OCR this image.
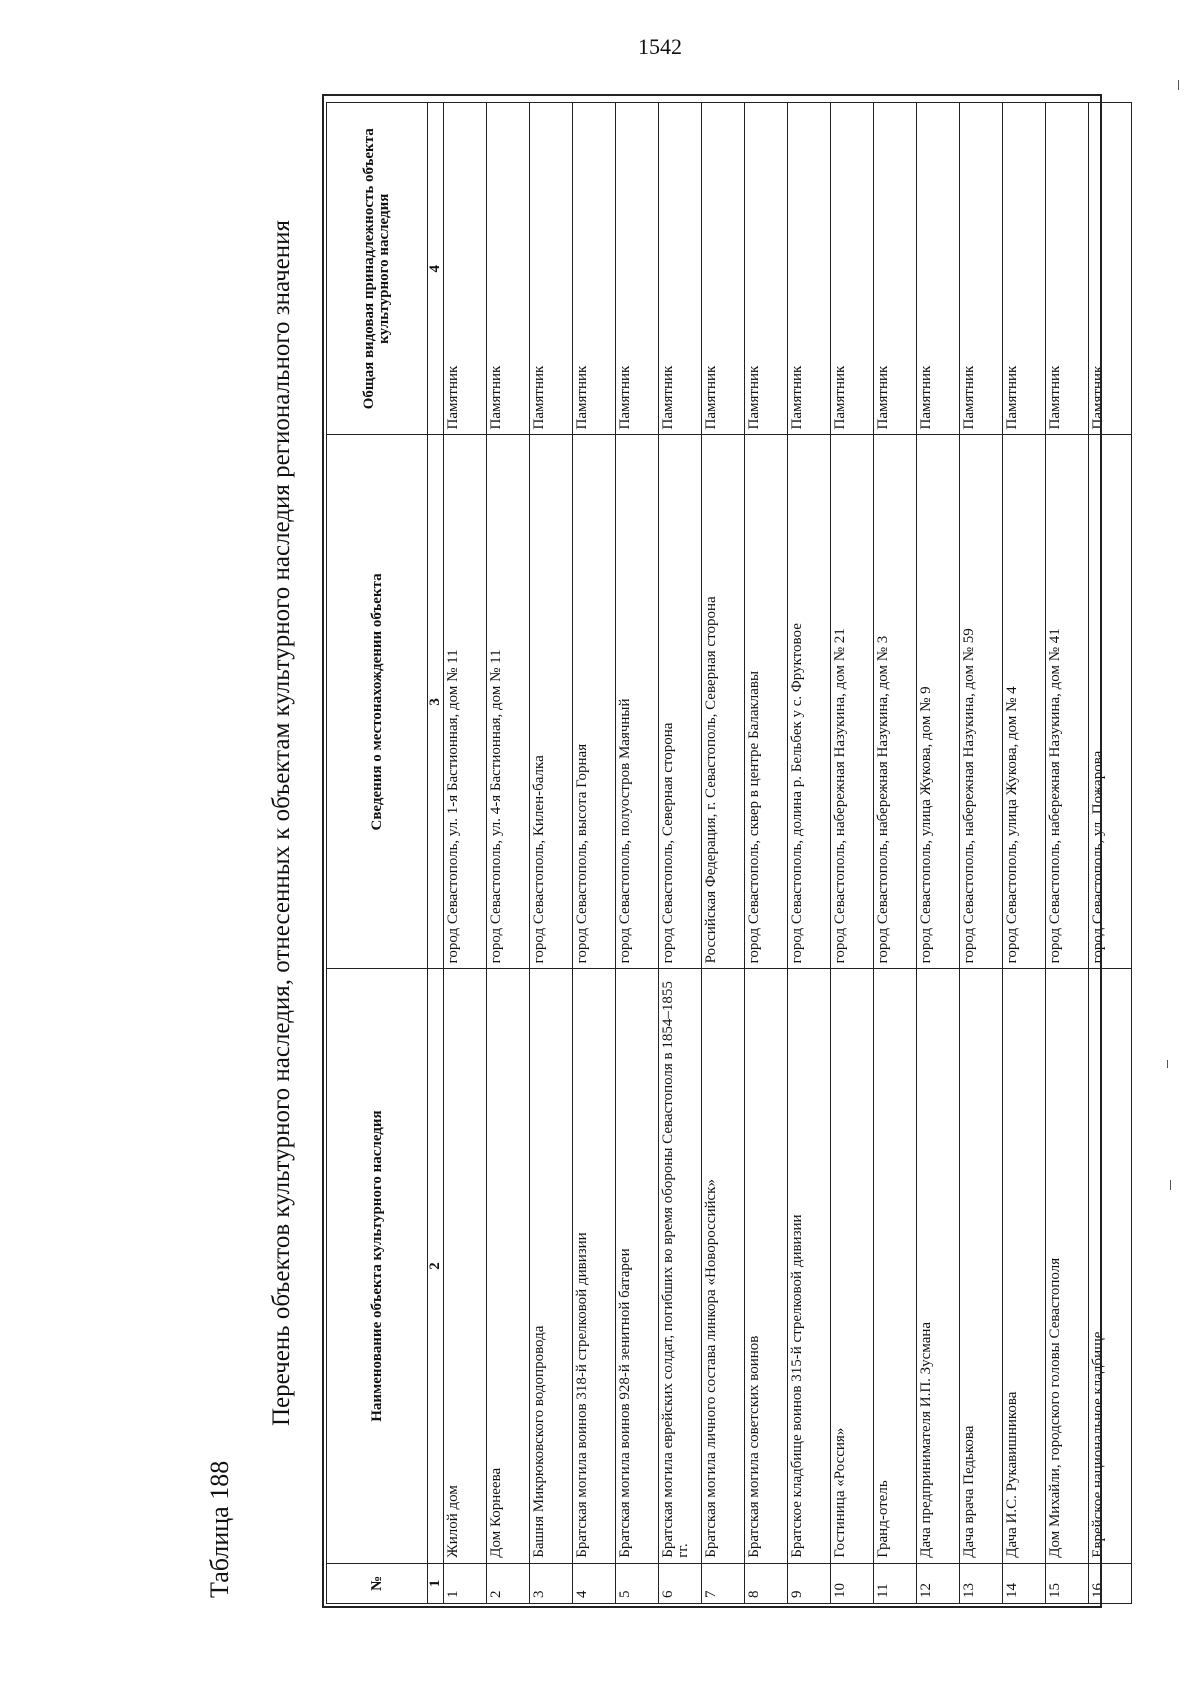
1542
Таблица 188
Перечень объектов культурного наследия, отнесенных к объектам культурного наследия регионального значения
№	Наименование объекта культурного наследия	Сведения о местонахождении объекта	Общая видовая принадлежность объекта культурного наследия
1	2	3	4
1	Жилой дом	город Севастополь, ул. 1-я Бастионная, дом № 11	Памятник
2	Дом Корнеева	город Севастополь, ул. 4-я Бастионная, дом № 11	Памятник
3	Башня Микрюковского водопровода	город Севастополь, Килен-балка	Памятник
4	Братская могила воинов 318-й стрелковой дивизии	город Севастополь, высота Горная	Памятник
5	Братская могила воинов 928-й зенитной батареи	город Севастополь, полуостров Маячный	Памятник
6	Братская могила еврейских солдат, погибших во время обороны Севастополя в 1854–1855 гг.	город Севастополь, Северная сторона	Памятник
7	Братская могила личного состава линкора «Новороссийск»	Российская Федерация, г. Севастополь, Северная сторона	Памятник
8	Братская могила советских воинов	город Севастополь, сквер в центре Балаклавы	Памятник
9	Братское кладбище воинов 315-й стрелковой дивизии	город Севастополь, долина р. Бельбек у с. Фруктовое	Памятник
10	Гостиница «Россия»	город Севастополь, набережная Назукина, дом № 21	Памятник
11	Гранд-отель	город Севастополь, набережная Назукина, дом № 3	Памятник
12	Дача предпринимателя И.П. Зусмана	город Севастополь, улица Жукова, дом № 9	Памятник
13	Дача врача Педькова	город Севастополь, набережная Назукина, дом № 59	Памятник
14	Дача И.С. Рукавишникова	город Севастополь, улица Жукова, дом № 4	Памятник
15	Дом Михайли, городского головы Севастополя	город Севастополь, набережная Назукина, дом № 41	Памятник
16	Еврейское национальное кладбище	город Севастополь, ул. Пожарова	Памятник
